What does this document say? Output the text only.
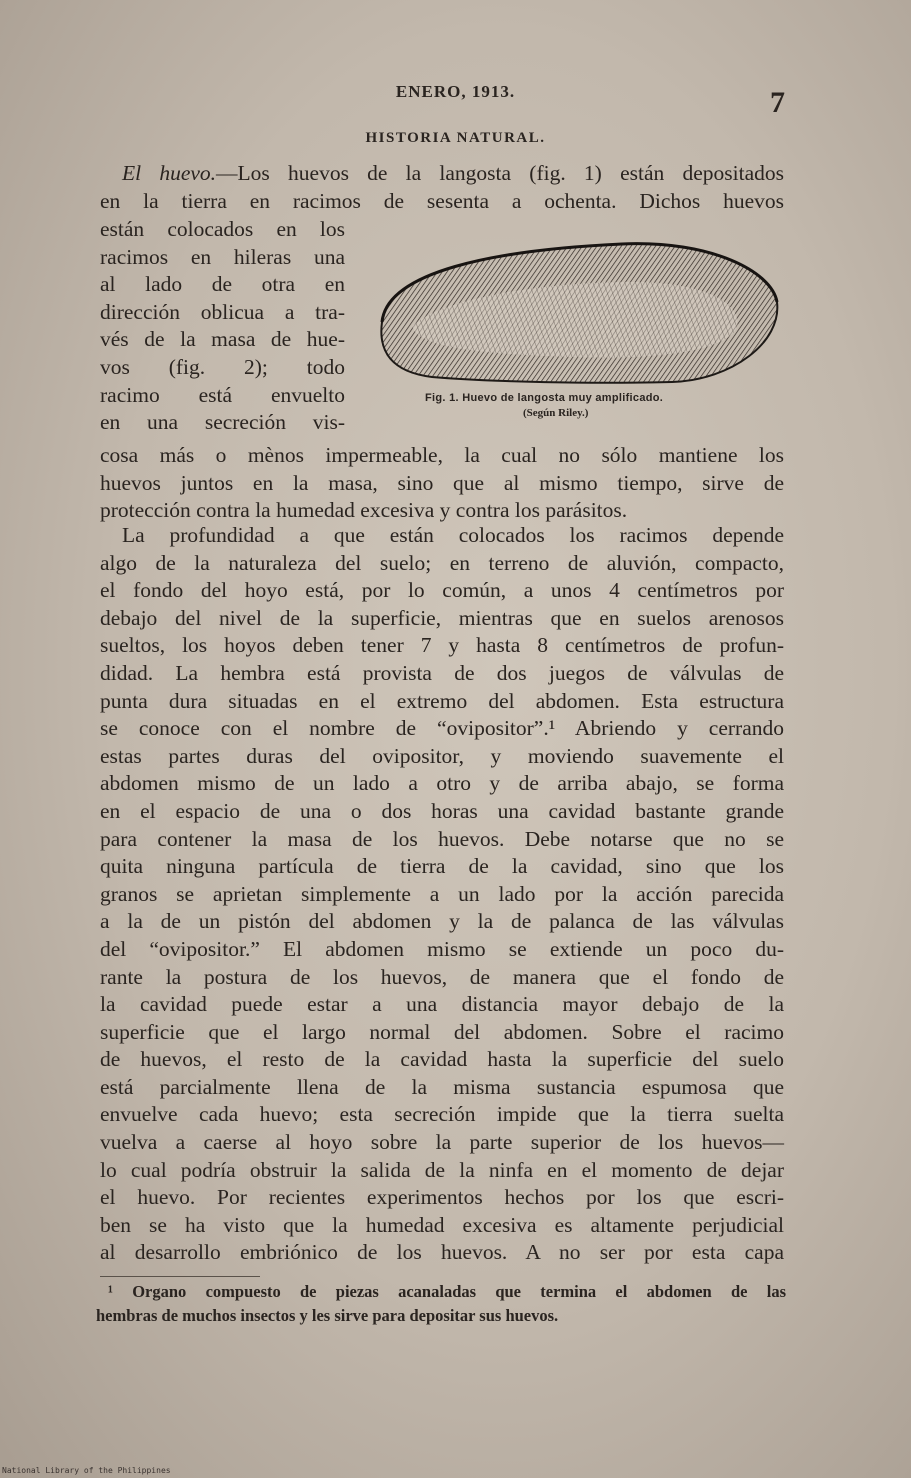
ENERO, 1913.	7
HISTORIA NATURAL.
El huevo.—Los huevos de la langosta (fig. 1) están depositados
en la tierra en racimos de sesenta a ochenta. Dichos huevos
están colocados en los
racimos en hileras una
al lado de otra en
dirección oblicua a tra-
vés de la masa de hue-
vos (fig. 2); todo
racimo está envuelto
en una secreción vis-
Fig. 1. Huevo de langosta muy amplificado.
(Según Riley.)
cosa más o mènos impermeable, la cual no sólo mantiene los
huevos juntos en la masa, sino que al mismo tiempo, sirve de
protección contra la humedad excesiva y contra los parásitos.
La profundidad a que están colocados los racimos depende
algo de la naturaleza del suelo; en terreno de aluvión, compacto,
el fondo del hoyo está, por lo común, a unos 4 centímetros por
debajo del nivel de la superficie, mientras que en suelos arenosos
sueltos, los hoyos deben tener 7 y hasta 8 centímetros de profun-
didad. La hembra está provista de dos juegos de válvulas de
punta dura situadas en el extremo del abdomen. Esta estructura
se conoce con el nombre de “ovipositor”.¹ Abriendo y cerrando
estas partes duras del ovipositor, y moviendo suavemente el
abdomen mismo de un lado a otro y de arriba abajo, se forma
en el espacio de una o dos horas una cavidad bastante grande
para contener la masa de los huevos. Debe notarse que no se
quita ninguna partícula de tierra de la cavidad, sino que los
granos se aprietan simplemente a un lado por la acción parecida
a la de un pistón del abdomen y la de palanca de las válvulas
del “ovipositor.” El abdomen mismo se extiende un poco du-
rante la postura de los huevos, de manera que el fondo de
la cavidad puede estar a una distancia mayor debajo de la
superficie que el largo normal del abdomen. Sobre el racimo
de huevos, el resto de la cavidad hasta la superficie del suelo
está parcialmente llena de la misma sustancia espumosa que
envuelve cada huevo; esta secreción impide que la tierra suelta
vuelva a caerse al hoyo sobre la parte superior de los huevos—
lo cual podría obstruir la salida de la ninfa en el momento de dejar
el huevo. Por recientes experimentos hechos por los que escri-
ben se ha visto que la humedad excesiva es altamente perjudicial
al desarrollo embriónico de los huevos. A no ser por esta capa
¹ Organo compuesto de piezas acanaladas que termina el abdomen de las
hembras de muchos insectos y les sirve para depositar sus huevos.
National Library of the Philippines
